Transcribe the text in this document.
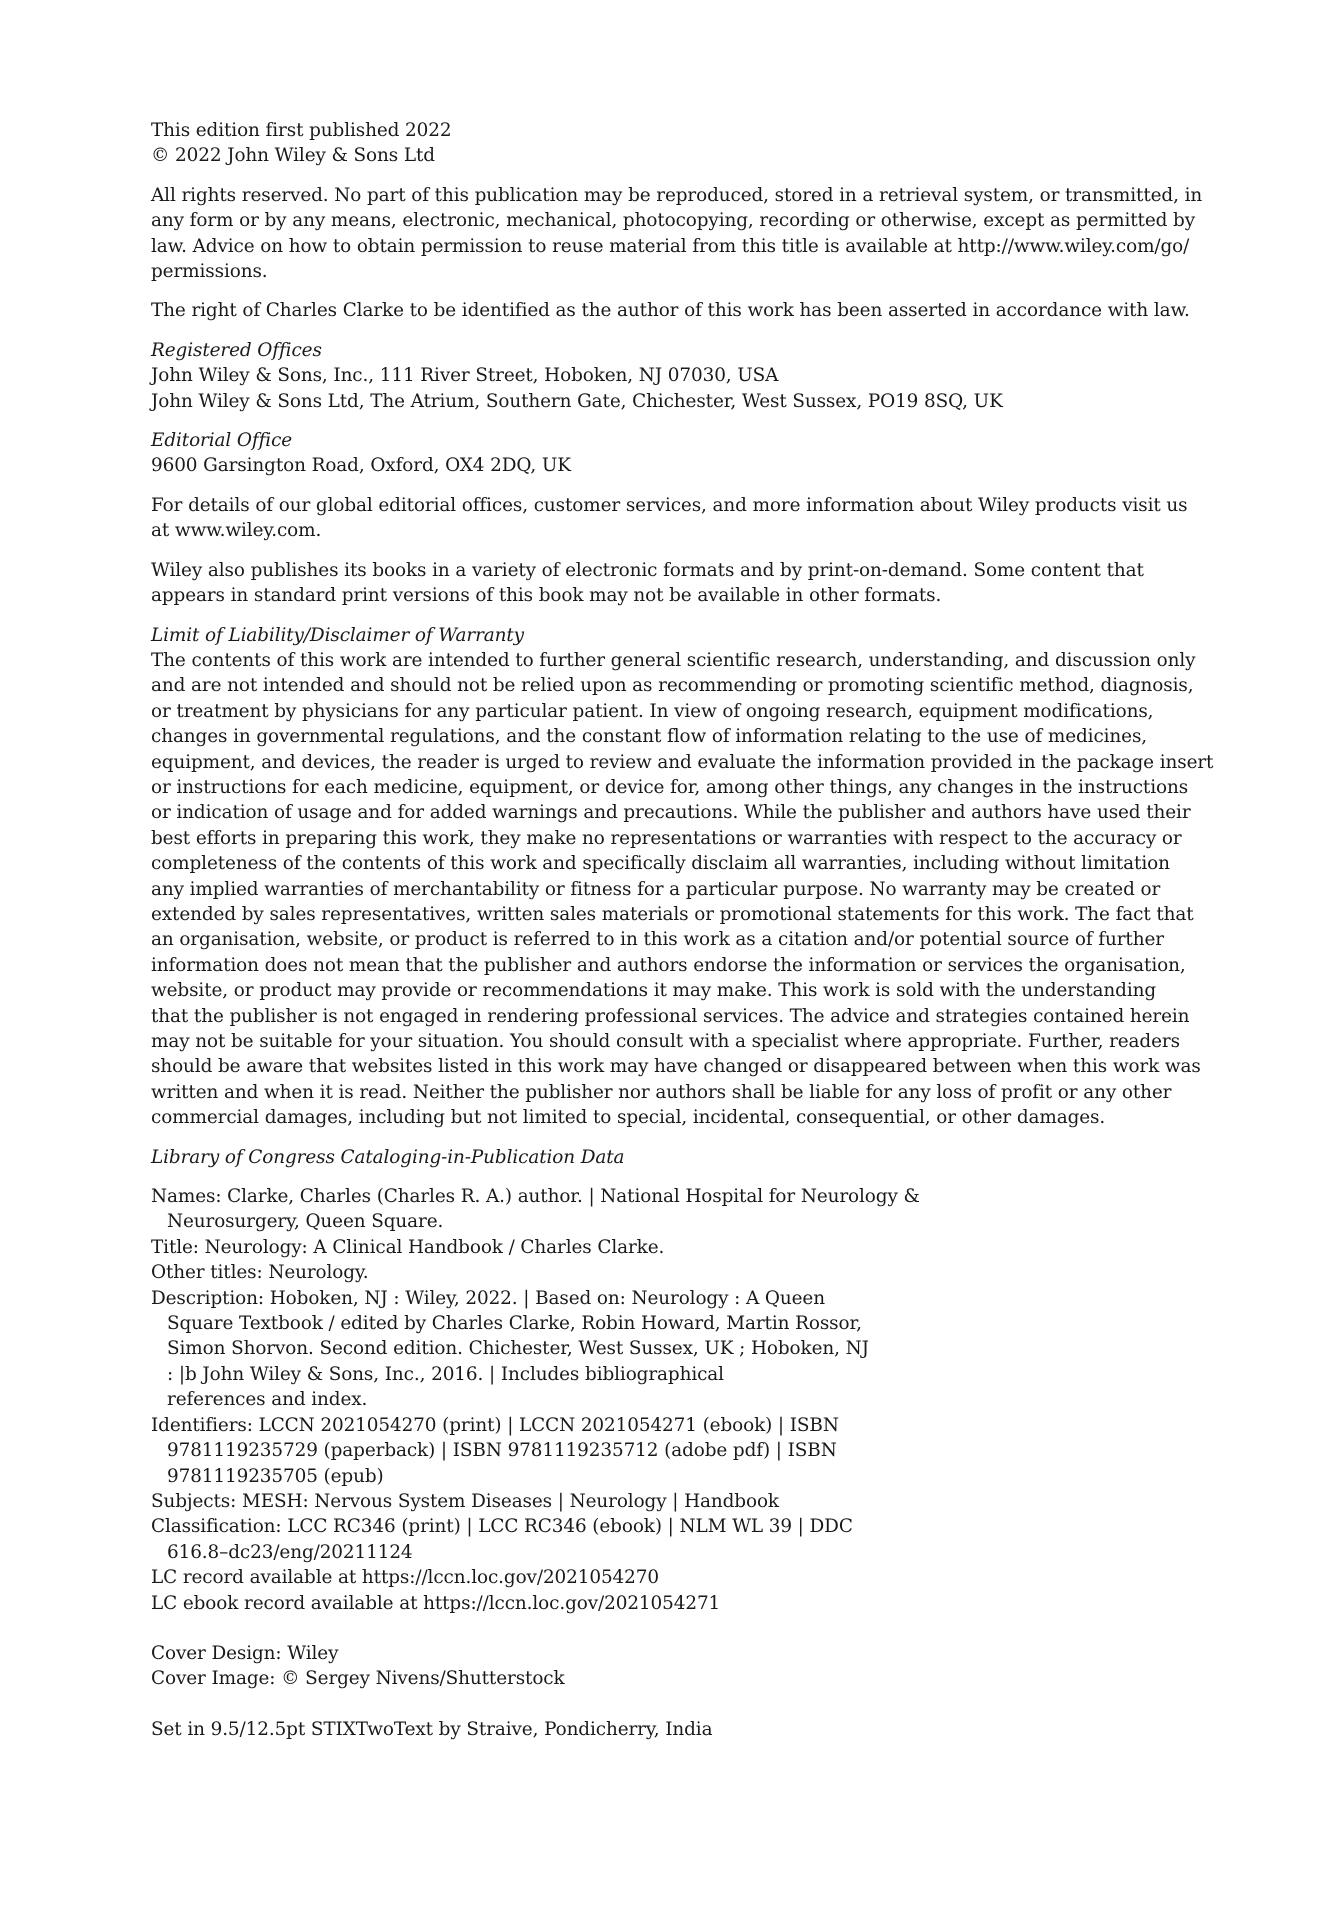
This edition first published 2022
© 2022 John Wiley & Sons Ltd
All rights reserved. No part of this publication may be reproduced, stored in a retrieval system, or transmitted, in
any form or by any means, electronic, mechanical, photocopying, recording or otherwise, except as permitted by
law. Advice on how to obtain permission to reuse material from this title is available at http://www.wiley.com/go/
permissions.
The right of Charles Clarke to be identified as the author of this work has been asserted in accordance with law.
Registered Offices
John Wiley & Sons, Inc., 111 River Street, Hoboken, NJ 07030, USA
John Wiley & Sons Ltd, The Atrium, Southern Gate, Chichester, West Sussex, PO19 8SQ, UK
Editorial Office
9600 Garsington Road, Oxford, OX4 2DQ, UK
For details of our global editorial offices, customer services, and more information about Wiley products visit us
at www.wiley.com.
Wiley also publishes its books in a variety of electronic formats and by print-on-demand. Some content that
appears in standard print versions of this book may not be available in other formats.
Limit of Liability/Disclaimer of Warranty
The contents of this work are intended to further general scientific research, understanding, and discussion only
and are not intended and should not be relied upon as recommending or promoting scientific method, diagnosis,
or treatment by physicians for any particular patient. In view of ongoing research, equipment modifications,
changes in governmental regulations, and the constant flow of information relating to the use of medicines,
equipment, and devices, the reader is urged to review and evaluate the information provided in the package insert
or instructions for each medicine, equipment, or device for, among other things, any changes in the instructions
or indication of usage and for added warnings and precautions. While the publisher and authors have used their
best efforts in preparing this work, they make no representations or warranties with respect to the accuracy or
completeness of the contents of this work and specifically disclaim all warranties, including without limitation
any implied warranties of merchantability or fitness for a particular purpose. No warranty may be created or
extended by sales representatives, written sales materials or promotional statements for this work. The fact that
an organisation, website, or product is referred to in this work as a citation and/or potential source of further
information does not mean that the publisher and authors endorse the information or services the organisation,
website, or product may provide or recommendations it may make. This work is sold with the understanding
that the publisher is not engaged in rendering professional services. The advice and strategies contained herein
may not be suitable for your situation. You should consult with a specialist where appropriate. Further, readers
should be aware that websites listed in this work may have changed or disappeared between when this work was
written and when it is read. Neither the publisher nor authors shall be liable for any loss of profit or any other
commercial damages, including but not limited to special, incidental, consequential, or other damages.
Library of Congress Cataloging-in-Publication Data
Names: Clarke, Charles (Charles R. A.) author. | National Hospital for Neurology &
Neurosurgery, Queen Square.
Title: Neurology: A Clinical Handbook / Charles Clarke.
Other titles: Neurology.
Description: Hoboken, NJ : Wiley, 2022. | Based on: Neurology : A Queen
Square Textbook / edited by Charles Clarke, Robin Howard, Martin Rossor,
Simon Shorvon. Second edition. Chichester, West Sussex, UK ; Hoboken, NJ
: |b John Wiley & Sons, Inc., 2016. | Includes bibliographical
references and index.
Identifiers: LCCN 2021054270 (print) | LCCN 2021054271 (ebook) | ISBN
9781119235729 (paperback) | ISBN 9781119235712 (adobe pdf) | ISBN
9781119235705 (epub)
Subjects: MESH: Nervous System Diseases | Neurology | Handbook
Classification: LCC RC346 (print) | LCC RC346 (ebook) | NLM WL 39 | DDC
616.8–dc23/eng/20211124
LC record available at https://lccn.loc.gov/2021054270
LC ebook record available at https://lccn.loc.gov/2021054271
Cover Design: Wiley
Cover Image: © Sergey Nivens/Shutterstock
Set in 9.5/12.5pt STIXTwoText by Straive, Pondicherry, India
